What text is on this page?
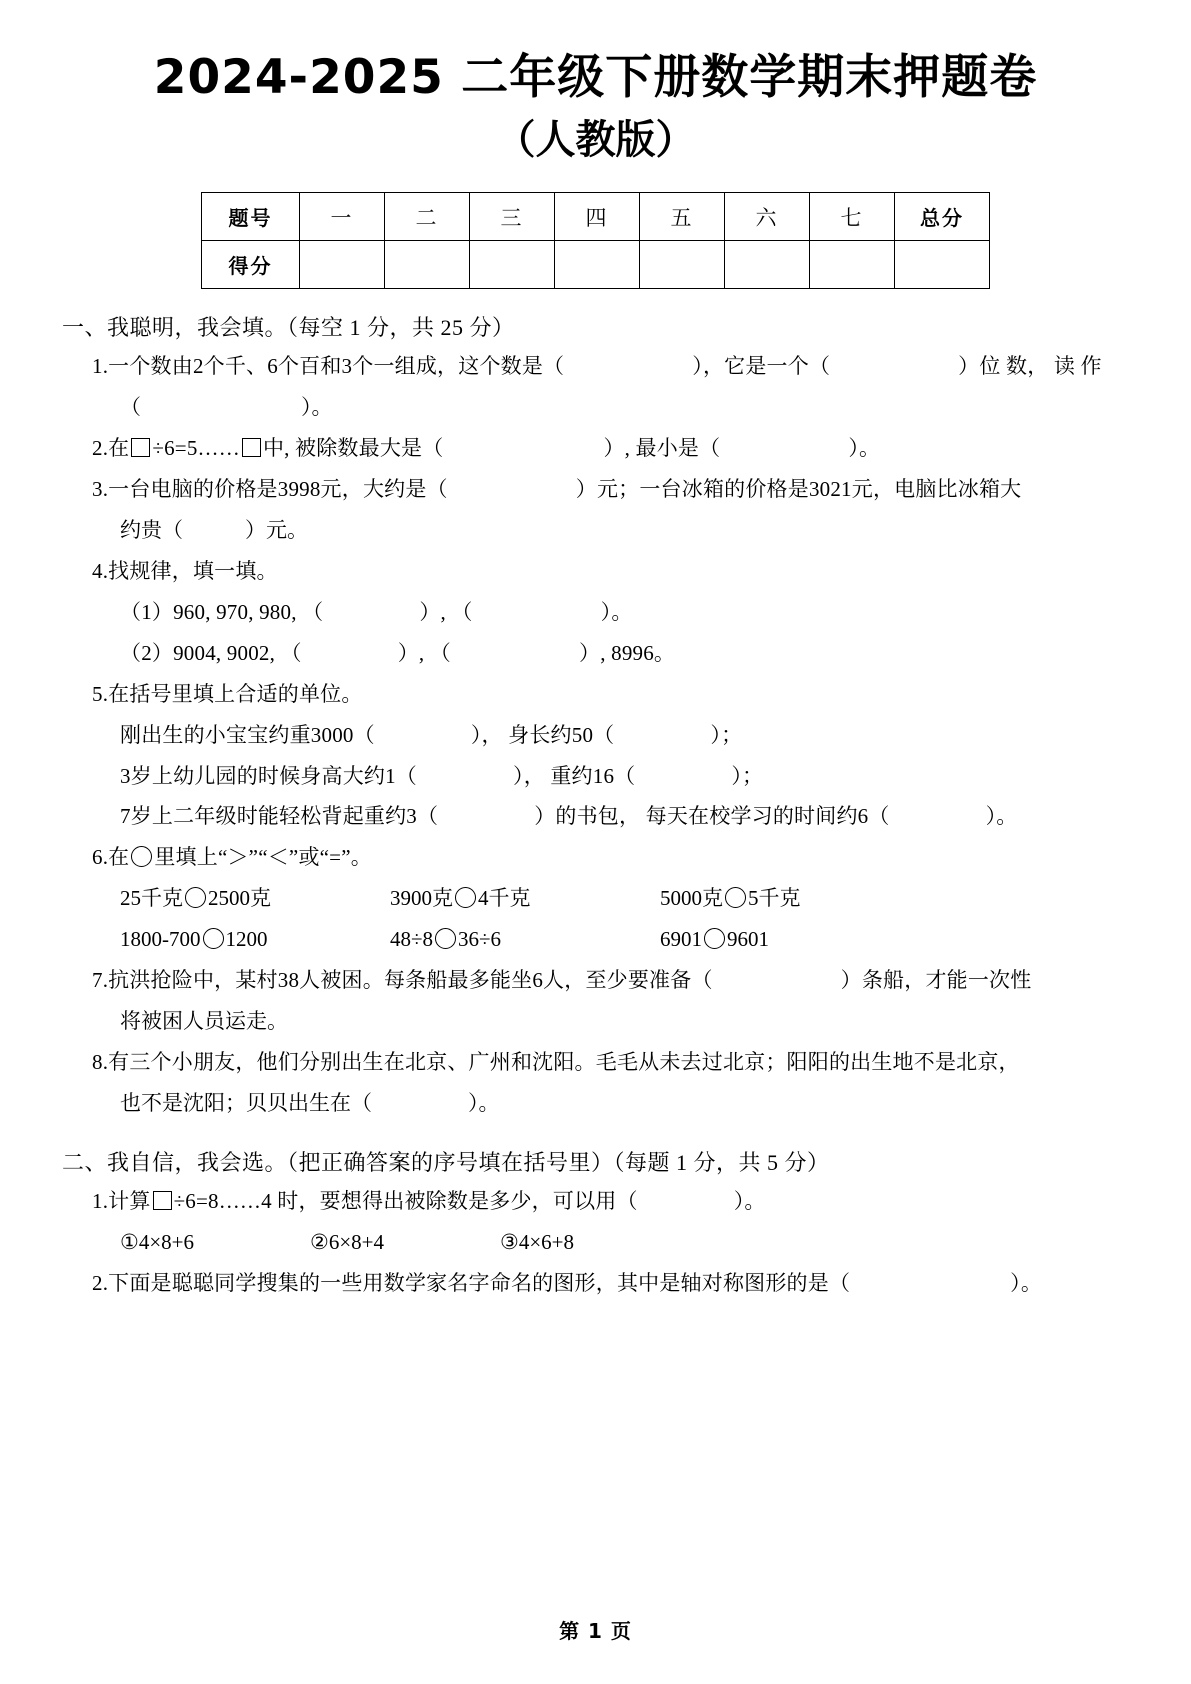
2024-2025 二年级下册数学期末押题卷
（人教版）
题号	一	二	三	四	五	六	七	总分
得分								
一、我聪明，我会填。（每空 1 分，共 25 分）
1.一个数由2个千、6个百和3个一组成，这个数是（	），它是一个（	）位 数， 读 作
（	）。
2.在 ÷6=5…… 中, 被除数最大是（	）, 最小是（	）。
3.一台电脑的价格是3998元，大约是（	）元；一台冰箱的价格是3021元，电脑比冰箱大
约贵（	）元。
4.找规律，填一填。
（1）960, 970, 980, （	）, （	）。
（2）9004, 9002, （	）, （	）, 8996。
5.在括号里填上合适的单位。
刚出生的小宝宝约重3000（	）， 身长约50（	）；
3岁上幼儿园的时候身高大约1（	）， 重约16（	）；
7岁上二年级时能轻松背起重约3（	）的书包， 每天在校学习的时间约6（	）。
6.在 里填上“＞”“＜”或“=”。
25千克 2500克	3900克 4千克	5000克 5千克
1800-700 1200	48÷8 36÷6	6901 9601
7.抗洪抢险中，某村38人被困。每条船最多能坐6人，至少要准备（	）条船，才能一次性
将被困人员运走。
8.有三个小朋友，他们分别出生在北京、广州和沈阳。毛毛从未去过北京；阳阳的出生地不是北京，
也不是沈阳；贝贝出生在（	）。
二、我自信，我会选。（把正确答案的序号填在括号里）（每题 1 分，共 5 分）
1.计算 ÷6=8……4 时，要想得出被除数是多少，可以用（	）。
①4×8+6	②6×8+4	③4×6+8
2.下面是聪聪同学搜集的一些用数学家名字命名的图形，其中是轴对称图形的是（	）。
第 1 页
